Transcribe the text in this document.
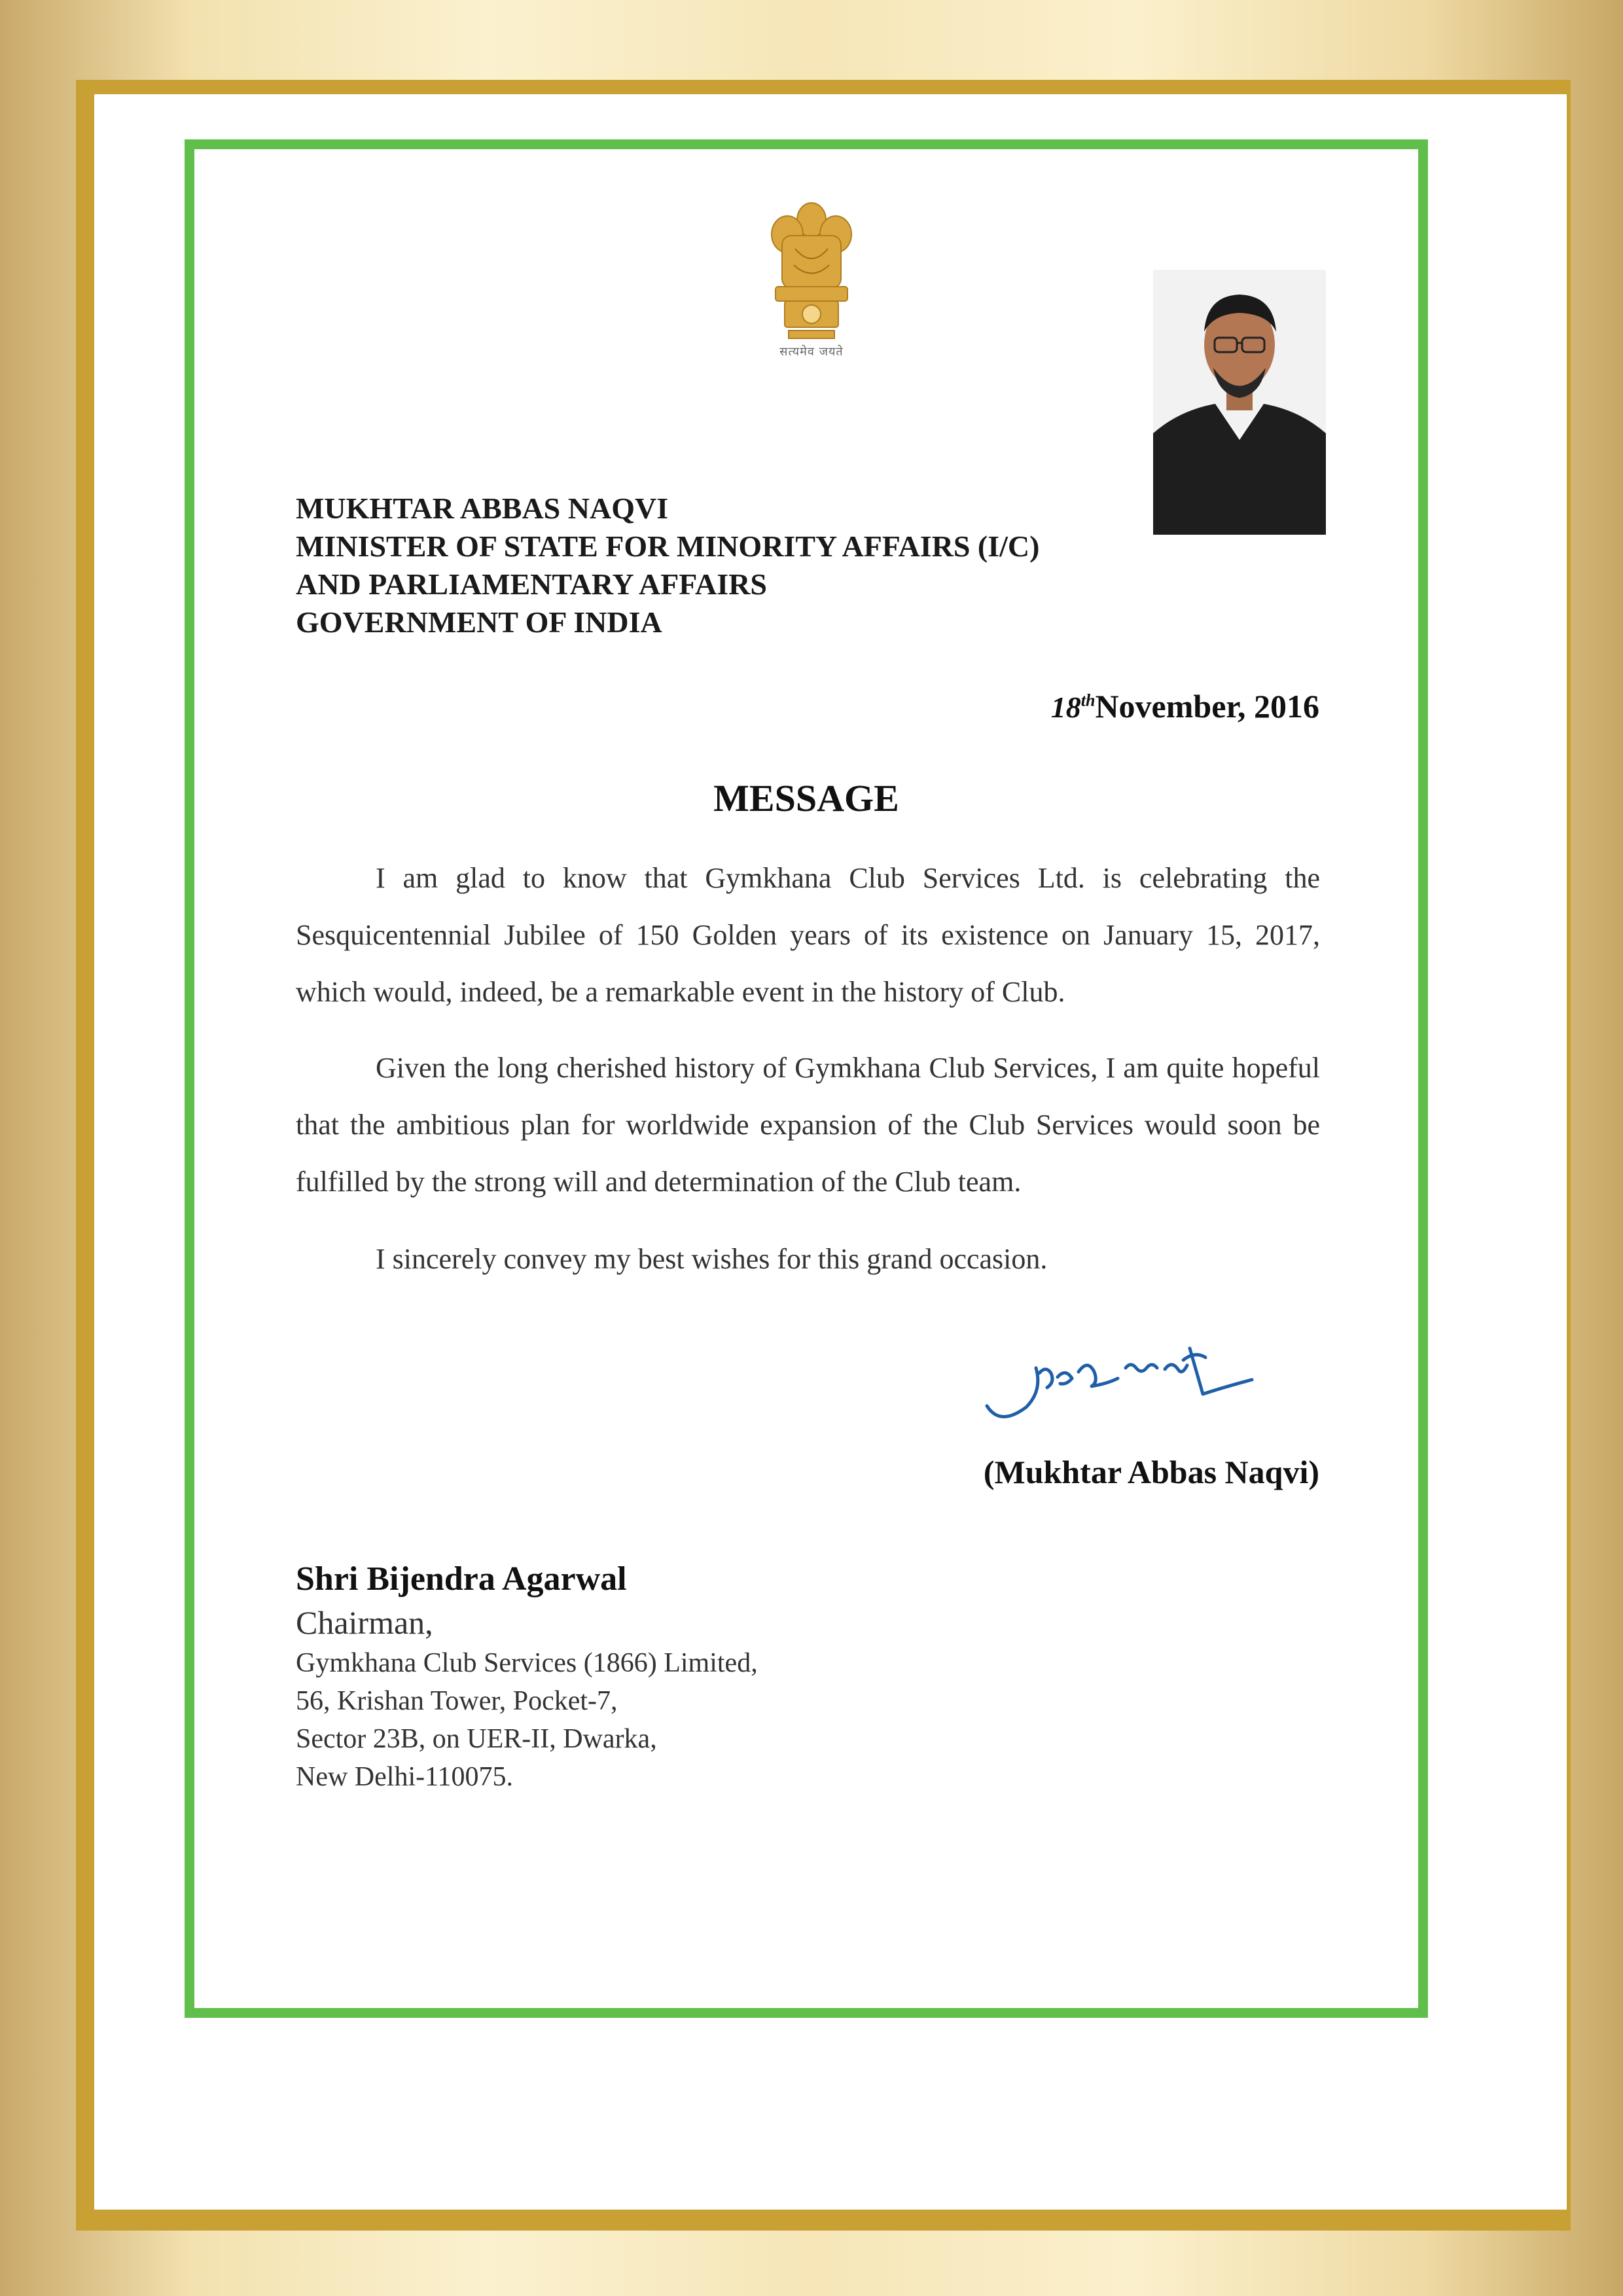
सत्यमेव जयते
MUKHTAR ABBAS NAQVI
MINISTER OF STATE FOR MINORITY AFFAIRS (I/C)
AND PARLIAMENTARY AFFAIRS
GOVERNMENT OF INDIA
18thNovember, 2016
MESSAGE

I am glad to know that Gymkhana Club Services Ltd. is celebrating the Sesquicentennial Jubilee of 150 Golden years of its existence on January 15, 2017, which would, indeed, be a remarkable event in the history of Club.

Given the long cherished history of Gymkhana Club Services, I am quite hopeful that the ambitious plan for worldwide expansion of the Club Services would soon be fulfilled by the strong will and determination of the Club team.

I sincerely convey my best wishes for this grand occasion.

(Mukhtar Abbas Naqvi)
Shri Bijendra Agarwal
Chairman,
Gymkhana Club Services (1866) Limited,
56, Krishan Tower, Pocket-7,
Sector 23B, on UER-II, Dwarka,
New Delhi-110075.
